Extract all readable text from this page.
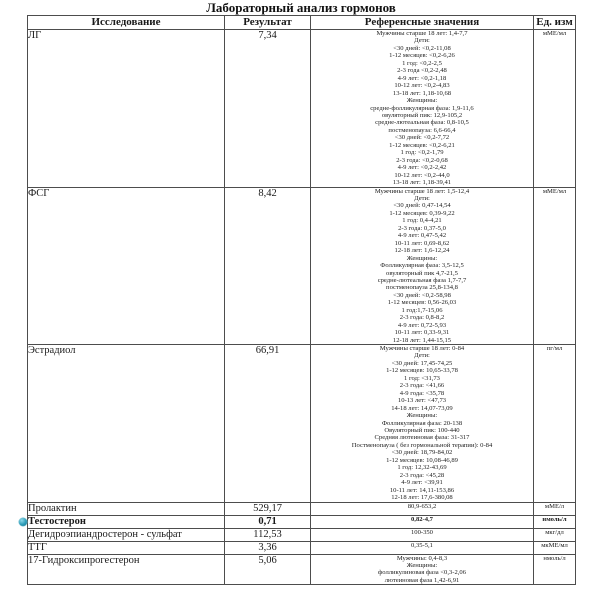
Лабораторный анализ гормонов
Исследование	Результат	Референсные значения	Ед. изм
ЛГ	7,34	Мужчины старше 18 лет: 1,4-7,7
Дети:
<30 дней: <0,2-11,08
1-12 месяцев: <0,2-6,26
1 год: <0,2-2,5
2-3 года <0,2-2,48
4-9 лет: <0,2-1,18
10-12 лет: <0,2-4,83
13-18 лет: 1,18-10,68
Женщины:
средне-фолликулярная фаза: 1,9-11,6
овуляторный пик: 12,9-105,2
средне-лютеальная фаза: 0,8-10,5
постменопауза: 6,6-66,4
<30 дней: <0,2-7,72
1-12 месяцев: <0,2-6,21
1 год: <0,2-1,79
2-3 года: <0,2-0,68
4-9 лет: <0,2-2,42
10-12 лет: <0,2-44,0
13-18 лет: 1,18-39,41
	мМЕ/мл
ФСГ	8,42	Мужчины старше 18 лет: 1,5-12,4
Дети:
<30 дней: 0,47-14,54
1-12 месяцев: 0,39-9,22
1 год: 0,4-4,21
2-3 года: 0,37-5,0
4-9 лет: 0,47-5,42
10-11 лет: 0,69-8,62
12-18 лет: 1,6-12,24
Женщины:
Фолликулярная фаза: 3,5-12,5
овуляторный пик 4,7-21,5
средне-лютеальная фаза 1,7-7,7
постменопауза 25,8-134,8
<30 дней: <0,2-58,98
1-12 месяцев: 0,56-26,03
1 год:1,7-15,06
2-3 года: 0,8-8,2
4-9 лет: 0,72-5,93
10-11 лет: 0,33-9,31
12-18 лет: 1,44-15,15
	мМЕ/мл
Эстрадиол	66,91	Мужчины старше 18 лет: 0-84
Дети:
<30 дней: 17,45-74,25
1-12 месяцев: 10,65-33,78
1 год: <31,73
2-3 года: <41,66
4-9 года: <35,78
10-13 лет: <47,73
14-18 лет: 14,07-73,09
Женщины:
Фолликулярная фаза: 20-138
Овуляторный пик: 100-440
Средняя лютеиновая фаза: 31-317
Постменопауза ( без гормональной терапии): 0-84
<30 дней: 18,79-84,02
1-12 месяцев: 10,08-46,89
1 год: 12,32-43,69
2-3 года: <45,28
4-9 лет: <39,91
10-11 лет: 14,11-153,86
12-18 лет: 17,6-380,08
	пг/мл
Пролактин	529,17	80,9-653,2	мМЕ/л

Тестостерон	0,71	0,82-4,7	нмоль/л
Дегидроэпиандростерон - сульфат	112,53	100-350	мкг/дл
ТТГ	3,36	0,35-5,1	мкМЕ/мл
17-Гидроксипрогестерон	5,06	Мужчины: 0,4-8,3
Женщины:
фолликулиновая фаза <0,3-2,06
лютеиновая фаза 1,42-6,91	нмоль/л
